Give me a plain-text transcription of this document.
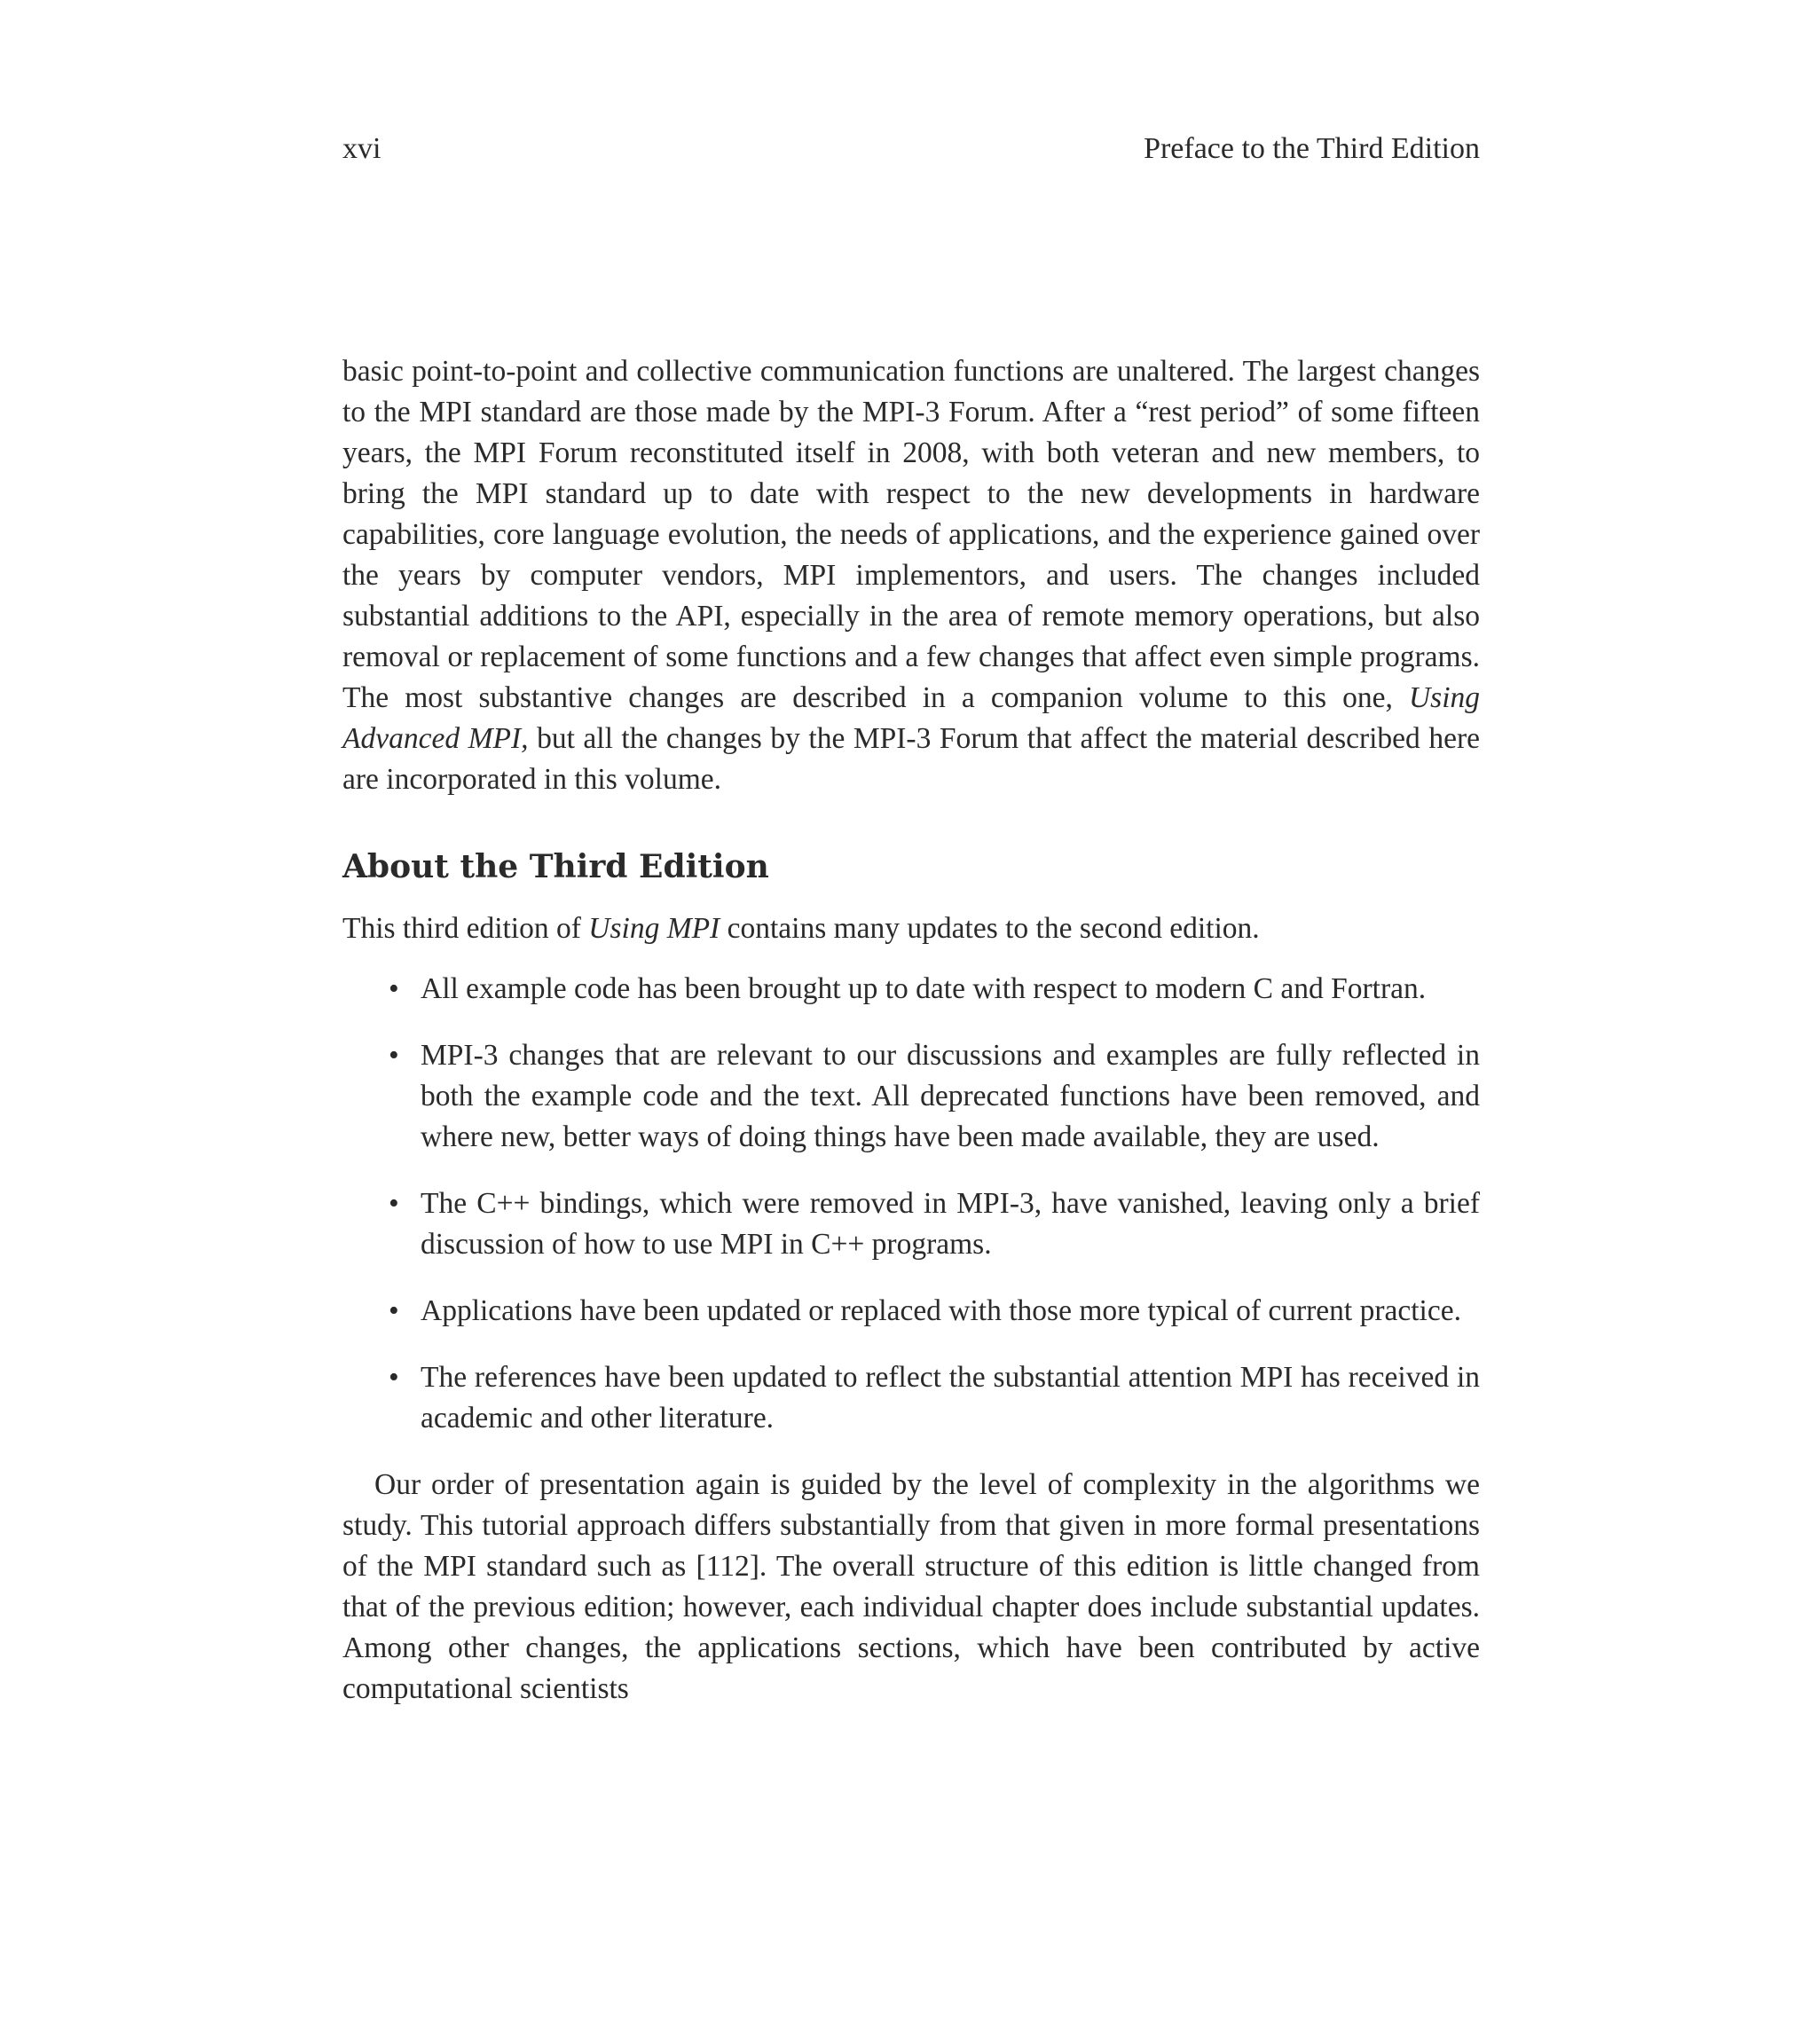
xvi	Preface to the Third Edition

basic point-to-point and collective communication functions are unaltered. The largest changes to the MPI standard are those made by the MPI-3 Forum. After a “rest period” of some fifteen years, the MPI Forum reconstituted itself in 2008, with both veteran and new members, to bring the MPI standard up to date with respect to the new developments in hardware capabilities, core language evolution, the needs of applications, and the experience gained over the years by computer vendors, MPI implementors, and users. The changes included substantial additions to the API, especially in the area of remote memory operations, but also removal or replacement of some functions and a few changes that affect even simple programs. The most substantive changes are described in a companion volume to this one, Using Advanced MPI, but all the changes by the MPI-3 Forum that affect the material described here are incorporated in this volume.

About the Third Edition

This third edition of Using MPI contains many updates to the second edition.

• All example code has been brought up to date with respect to modern C and Fortran.
• MPI-3 changes that are relevant to our discussions and examples are fully reflected in both the example code and the text. All deprecated functions have been removed, and where new, better ways of doing things have been made available, they are used.
• The C++ bindings, which were removed in MPI-3, have vanished, leaving only a brief discussion of how to use MPI in C++ programs.
• Applications have been updated or replaced with those more typical of current practice.
• The references have been updated to reflect the substantial attention MPI has received in academic and other literature.

Our order of presentation again is guided by the level of complexity in the algorithms we study. This tutorial approach differs substantially from that given in more formal presentations of the MPI standard such as [112]. The overall structure of this edition is little changed from that of the previous edition; however, each individual chapter does include substantial updates. Among other changes, the applications sections, which have been contributed by active computational scientists
